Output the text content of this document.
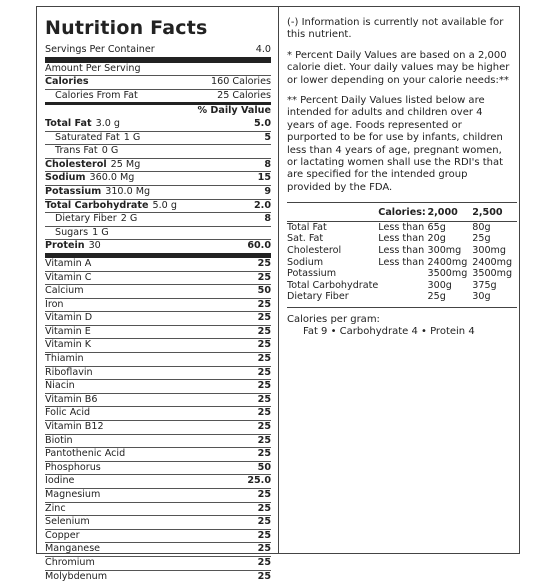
Nutrition Facts
Servings Per Container	4.0
Amount Per Serving
Calories	160 Calories
Calories From Fat	25 Calories
% Daily Value
Total Fat 3.0 g	5.0
Saturated Fat 1 G	5
Trans Fat 0 G
Cholesterol 25 Mg	8
Sodium 360.0 Mg	15
Potassium 310.0 Mg	9
Total Carbohydrate 5.0 g	2.0
Dietary Fiber 2 G	8
Sugars 1 G
Protein 30	60.0
Vitamin A	25
Vitamin C	25
Calcium	50
Iron	25
Vitamin D	25
Vitamin E	25
Vitamin K	25
Thiamin	25
Riboflavin	25
Niacin	25
Vitamin B6	25
Folic Acid	25
Vitamin B12	25
Biotin	25
Pantothenic Acid	25
Phosphorus	50
Iodine	25.0
Magnesium	25
Zinc	25
Selenium	25
Copper	25
Manganese	25
Chromium	25
Molybdenum	25

(-) Information is currently not available for this nutrient.

* Percent Daily Values are based on a 2,000 calorie diet. Your daily values may be higher or lower depending on your calorie needs:**

** Percent Daily Values listed below are intended for adults and children over 4 years of age. Foods represented or purported to be for use by infants, children less than 4 years of age, pregnant women, or lactating women shall use the RDI's that are specified for the intended group provided by the FDA.

	Calories:	2,000	2,500
Total Fat	Less than	65g	80g
Sat. Fat	Less than	20g	25g
Cholesterol	Less than	300mg	300mg
Sodium	Less than	2400mg	2400mg
Potassium		3500mg	3500mg
Total Carbohydrate		300g	375g
Dietary Fiber		25g	30g
Calories per gram:
Fat 9 • Carbohydrate 4 • Protein 4
